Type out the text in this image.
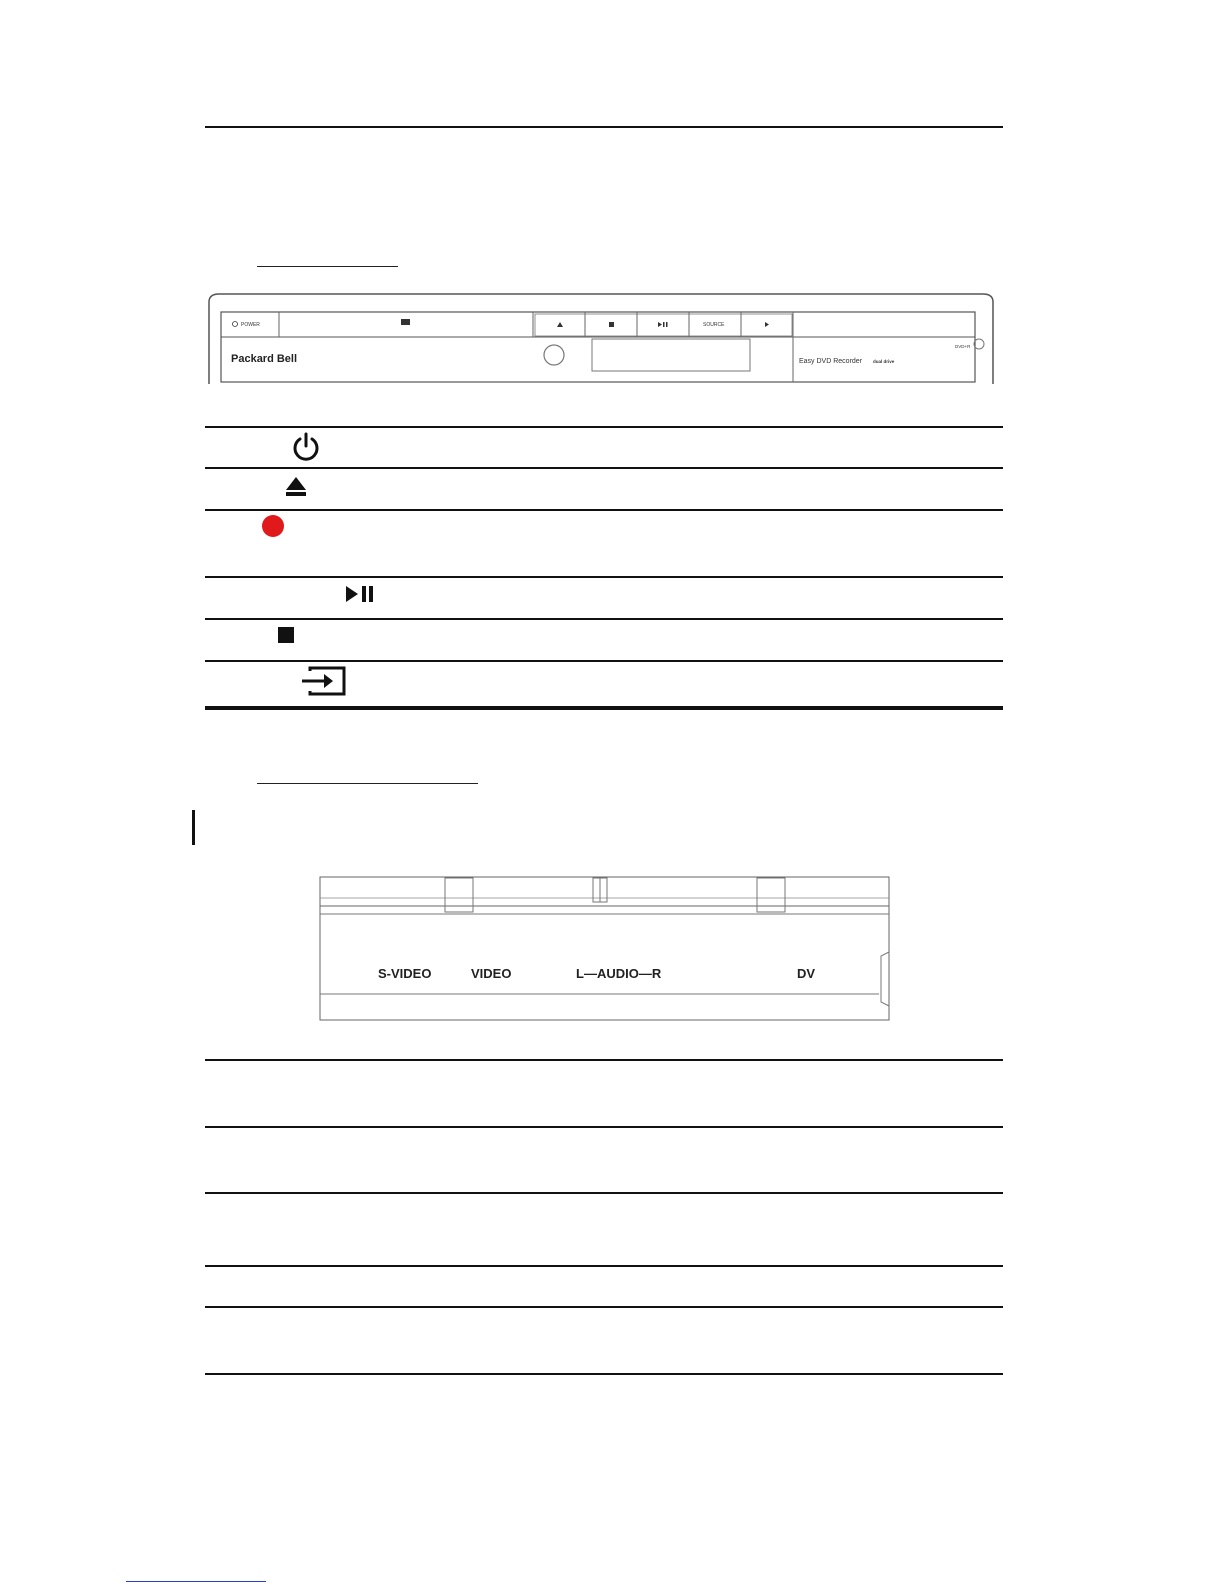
POWER	SOURCE
Packard Bell	Easy DVD Recorder dual drive
DVD+R
S-VIDEO	VIDEO	L—AUDIO—R	DV
